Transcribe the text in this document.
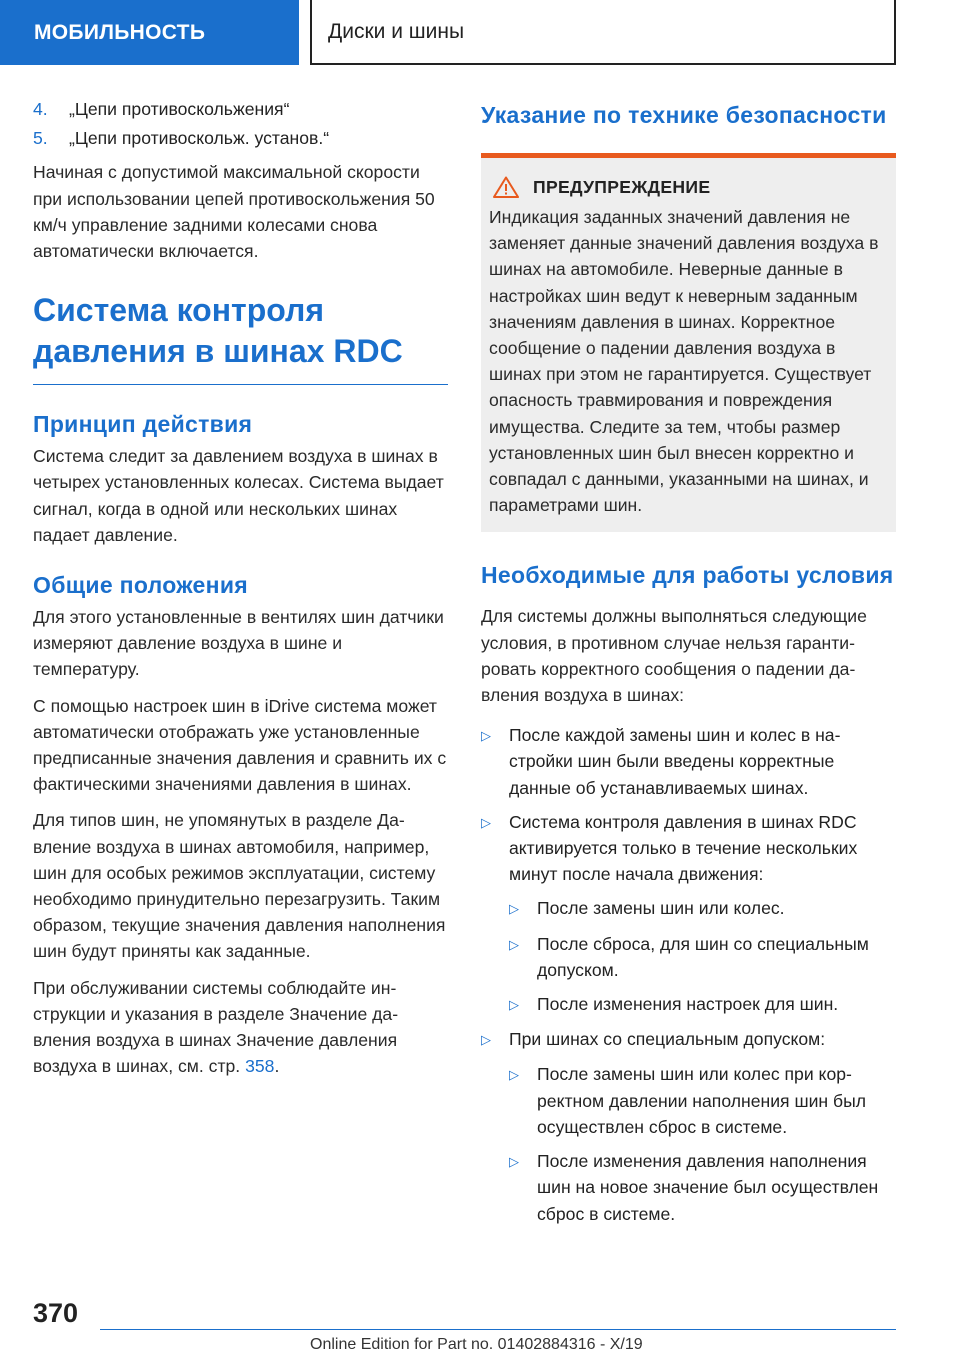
МОБИЛЬНОСТЬ	Диски и шины
4.	„Цепи противоскольжения“
5.	„Цепи противоскольж. установ.“

Начиная с допустимой максимальной скорости при использовании цепей противоскольжения 50 км/ч управление задними колесами снова автоматически включается.

Система контроля давления в шинах RDC
Принцип действия

Система следит за давлением воздуха в шинах в четырех установленных колесах. Система выдает сигнал, когда в одной или нескольких шинах падает давление.

Общие положения

Для этого установленные в вентилях шин датчики измеряют давление воздуха в шине и температуру.

С помощью настроек шин в iDrive система может автоматически отображать уже установленные предписанные значения давления и сравнить их с фактическими значениями давления в шинах.

Для типов шин, не упомянутых в разделе Давление воздуха в шинах автомобиля, например, шин для особых режимов эксплуатации, систему необходимо принудительно перезагрузить. Таким образом, текущие значения давления наполнения шин будут приняты как заданные.

При обслуживании системы соблюдайте инструкции и указания в разделе Значение давления воздуха в шинах Значение давления воздуха в шинах, см. стр. 358.

Указание по технике безопасности
ПРЕДУПРЕЖДЕНИЕ

Индикация заданных значений давления не заменяет данные значений давления воздуха в шинах на автомобиле. Неверные данные в настройках шин ведут к неверным заданным значениям давления в шинах. Корректное сообщение о падении давления воздуха в шинах при этом не гарантируется. Существует опасность травмирования и повреждения имущества. Следите за тем, чтобы размер установленных шин был внесен корректно и совпадал с данными, указанными на шинах, и параметрами шин.

Необходимые для работы условия

Для системы должны выполняться следующие условия, в противном случае нельзя гарантировать корректного сообщения о падении давления воздуха в шинах:

▷	После каждой замены шин и колес в настройки шин были введены корректные данные об устанавливаемых шинах.
▷	Система контроля давления в шинах RDC активируется только в течение нескольких минут после начала движения:
▷	После замены шин или колес.
▷	После сброса, для шин со специальным допуском.
▷	После изменения настроек для шин.
▷	При шинах со специальным допуском:
▷	После замены шин или колес при корректном давлении наполнения шин был осуществлен сброс в системе.
▷	После изменения давления наполнения шин на новое значение был осуществлен сброс в системе.
370
Online Edition for Part no. 01402884316 - X/19
